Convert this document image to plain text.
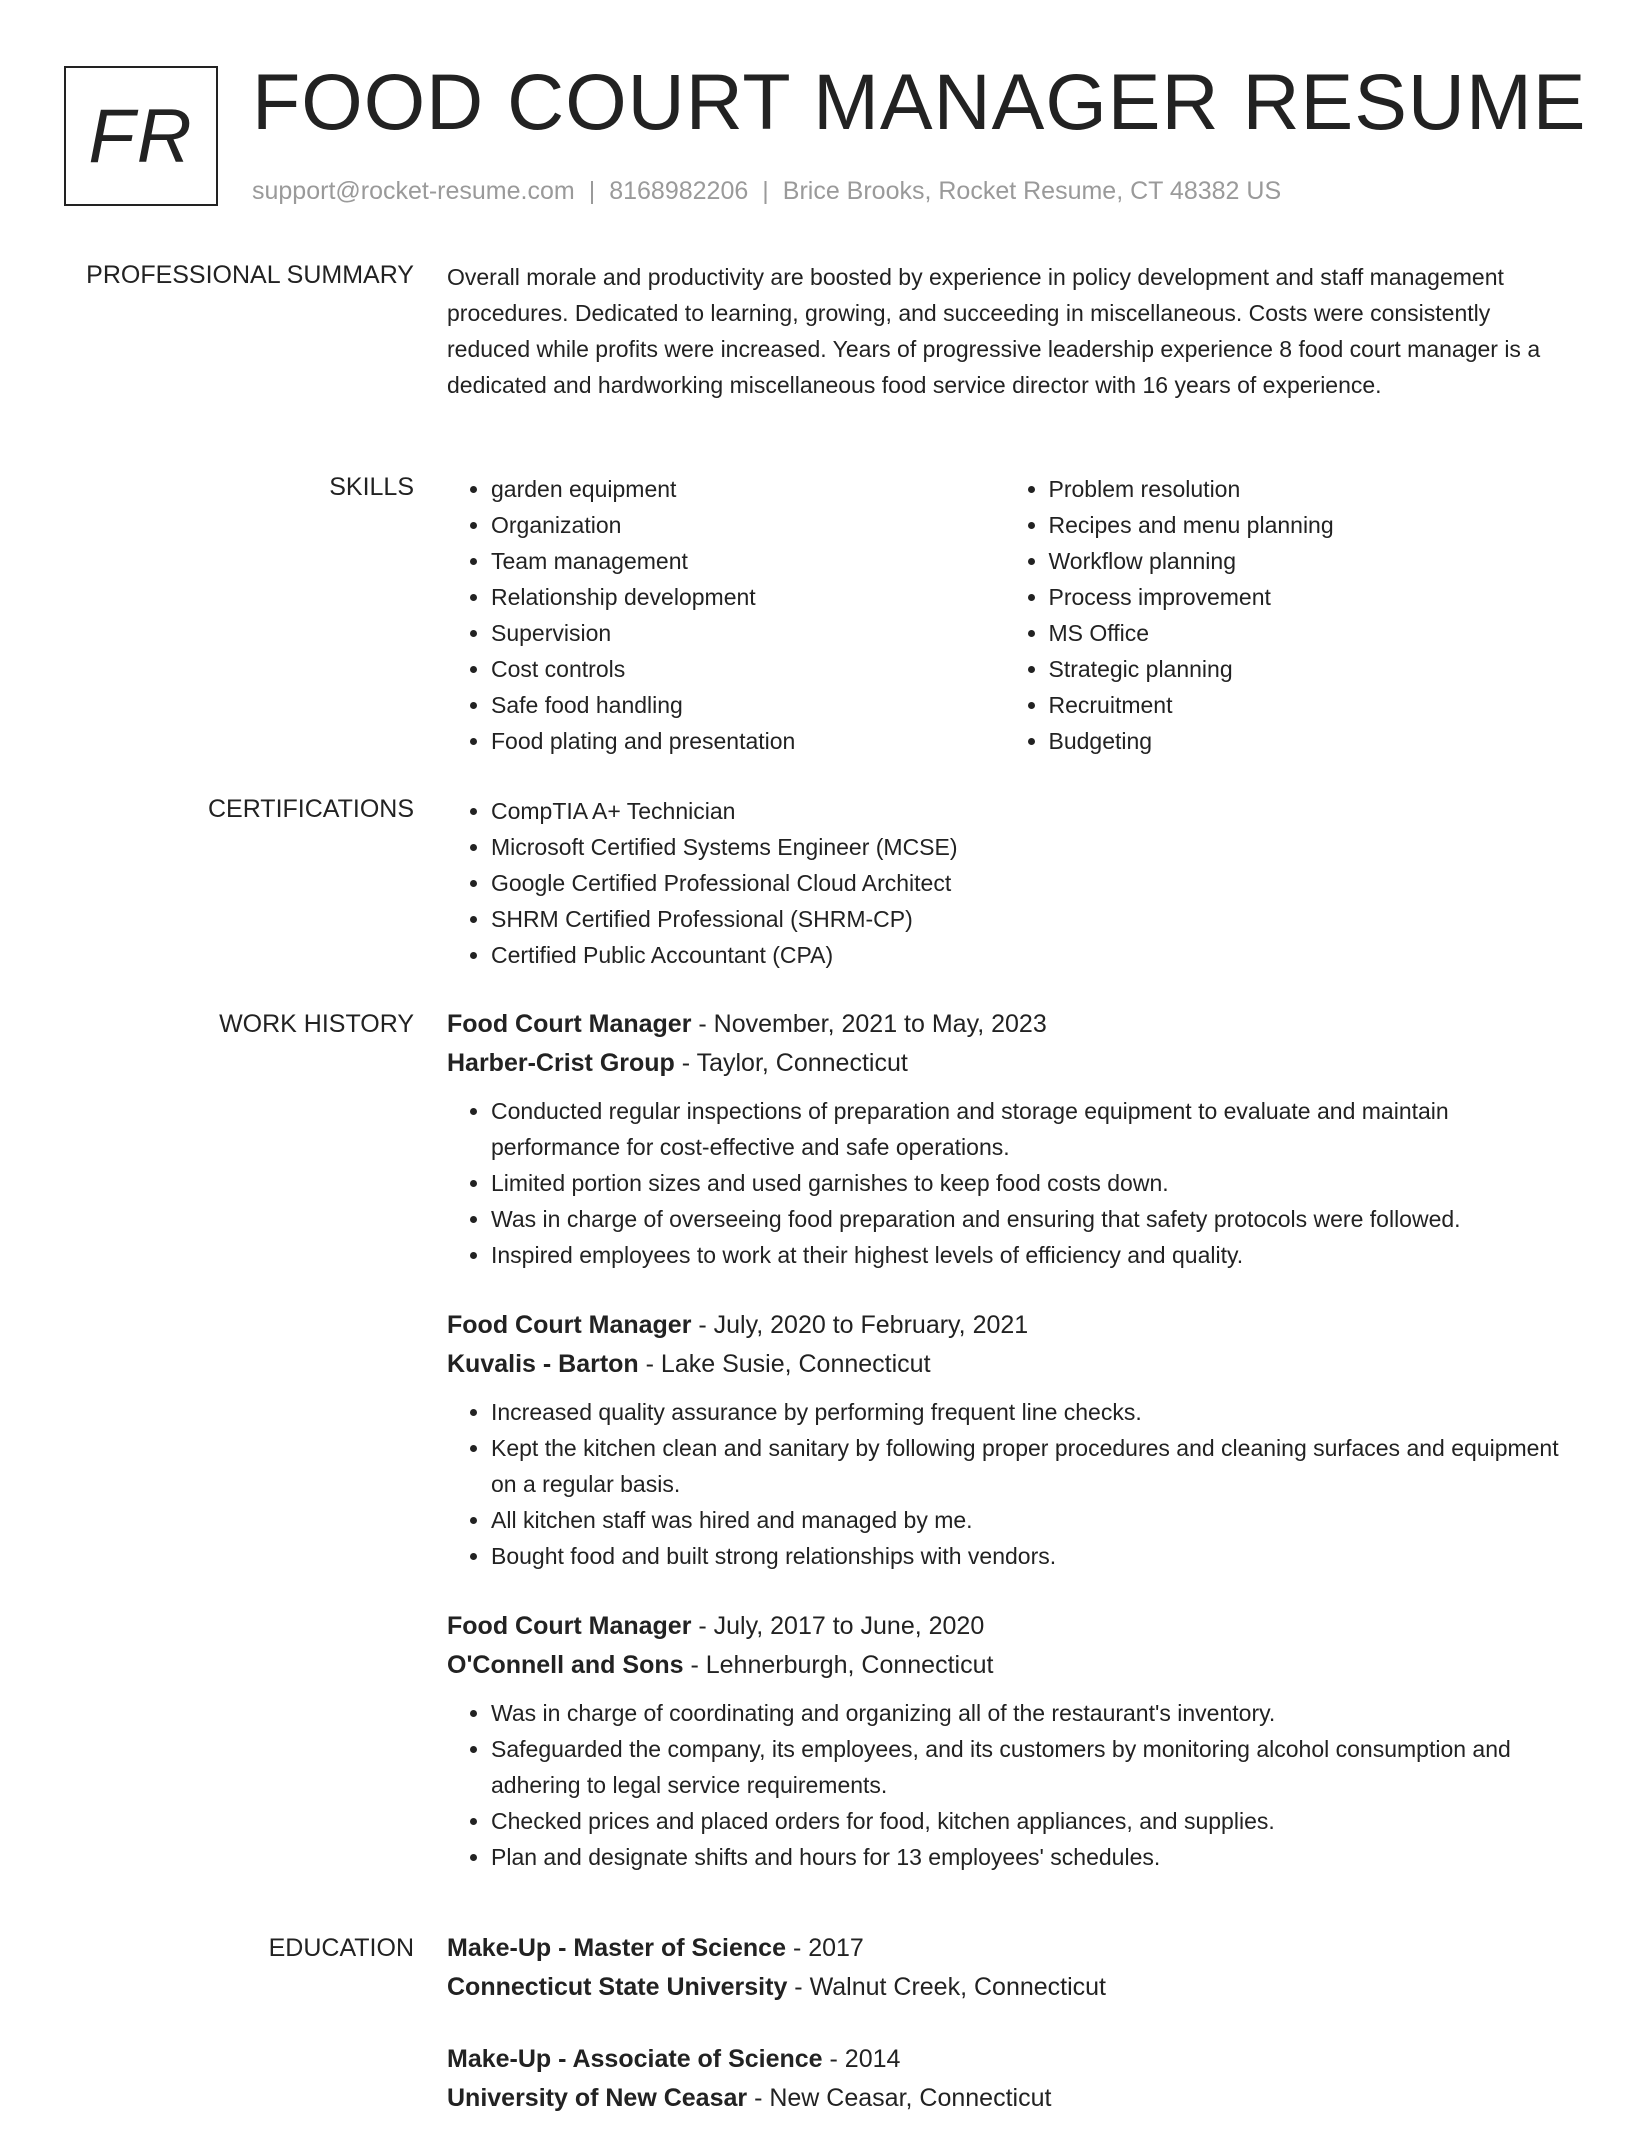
FR FOOD COURT MANAGER RESUME
support@rocket-resume.com | 8168982206 | Brice Brooks, Rocket Resume, CT 48382 US
PROFESSIONAL SUMMARY Overall morale and productivity are boosted by experience in policy development and staff management procedures. Dedicated to learning, growing, and succeeding in miscellaneous. Costs were consistently reduced while profits were increased. Years of progressive leadership experience 8 food court manager is a dedicated and hardworking miscellaneous food service director with 16 years of experience.

SKILLS	• garden equipment
• Organization
• Team management
• Relationship development
• Supervision
• Cost controls
• Safe food handling
• Food plating and presentation
• Problem resolution
• Recipes and menu planning
• Workflow planning
• Process improvement
• MS Office
• Strategic planning
• Recruitment
• Budgeting
CERTIFICATIONS	• CompTIA A+ Technician
• Microsoft Certified Systems Engineer (MCSE)
• Google Certified Professional Cloud Architect
• SHRM Certified Professional (SHRM-CP)
• Certified Public Accountant (CPA)
WORK HISTORY Food Court Manager - November, 2021 to May, 2023
Harber-Crist Group - Taylor, Connecticut
• Conducted regular inspections of preparation and storage equipment to evaluate and maintain performance for cost-effective and safe operations.
• Limited portion sizes and used garnishes to keep food costs down.
• Was in charge of overseeing food preparation and ensuring that safety protocols were followed.
• Inspired employees to work at their highest levels of efficiency and quality.
Food Court Manager - July, 2020 to February, 2021
Kuvalis - Barton - Lake Susie, Connecticut
• Increased quality assurance by performing frequent line checks.
• Kept the kitchen clean and sanitary by following proper procedures and cleaning surfaces and equipment on a regular basis.
• All kitchen staff was hired and managed by me.
• Bought food and built strong relationships with vendors.
Food Court Manager - July, 2017 to June, 2020
O'Connell and Sons - Lehnerburgh, Connecticut
• Was in charge of coordinating and organizing all of the restaurant's inventory.
• Safeguarded the company, its employees, and its customers by monitoring alcohol consumption and adhering to legal service requirements.
• Checked prices and placed orders for food, kitchen appliances, and supplies.
• Plan and designate shifts and hours for 13 employees' schedules.
EDUCATION Make-Up - Master of Science - 2017
Connecticut State University - Walnut Creek, Connecticut
Make-Up - Associate of Science - 2014
University of New Ceasar - New Ceasar, Connecticut
